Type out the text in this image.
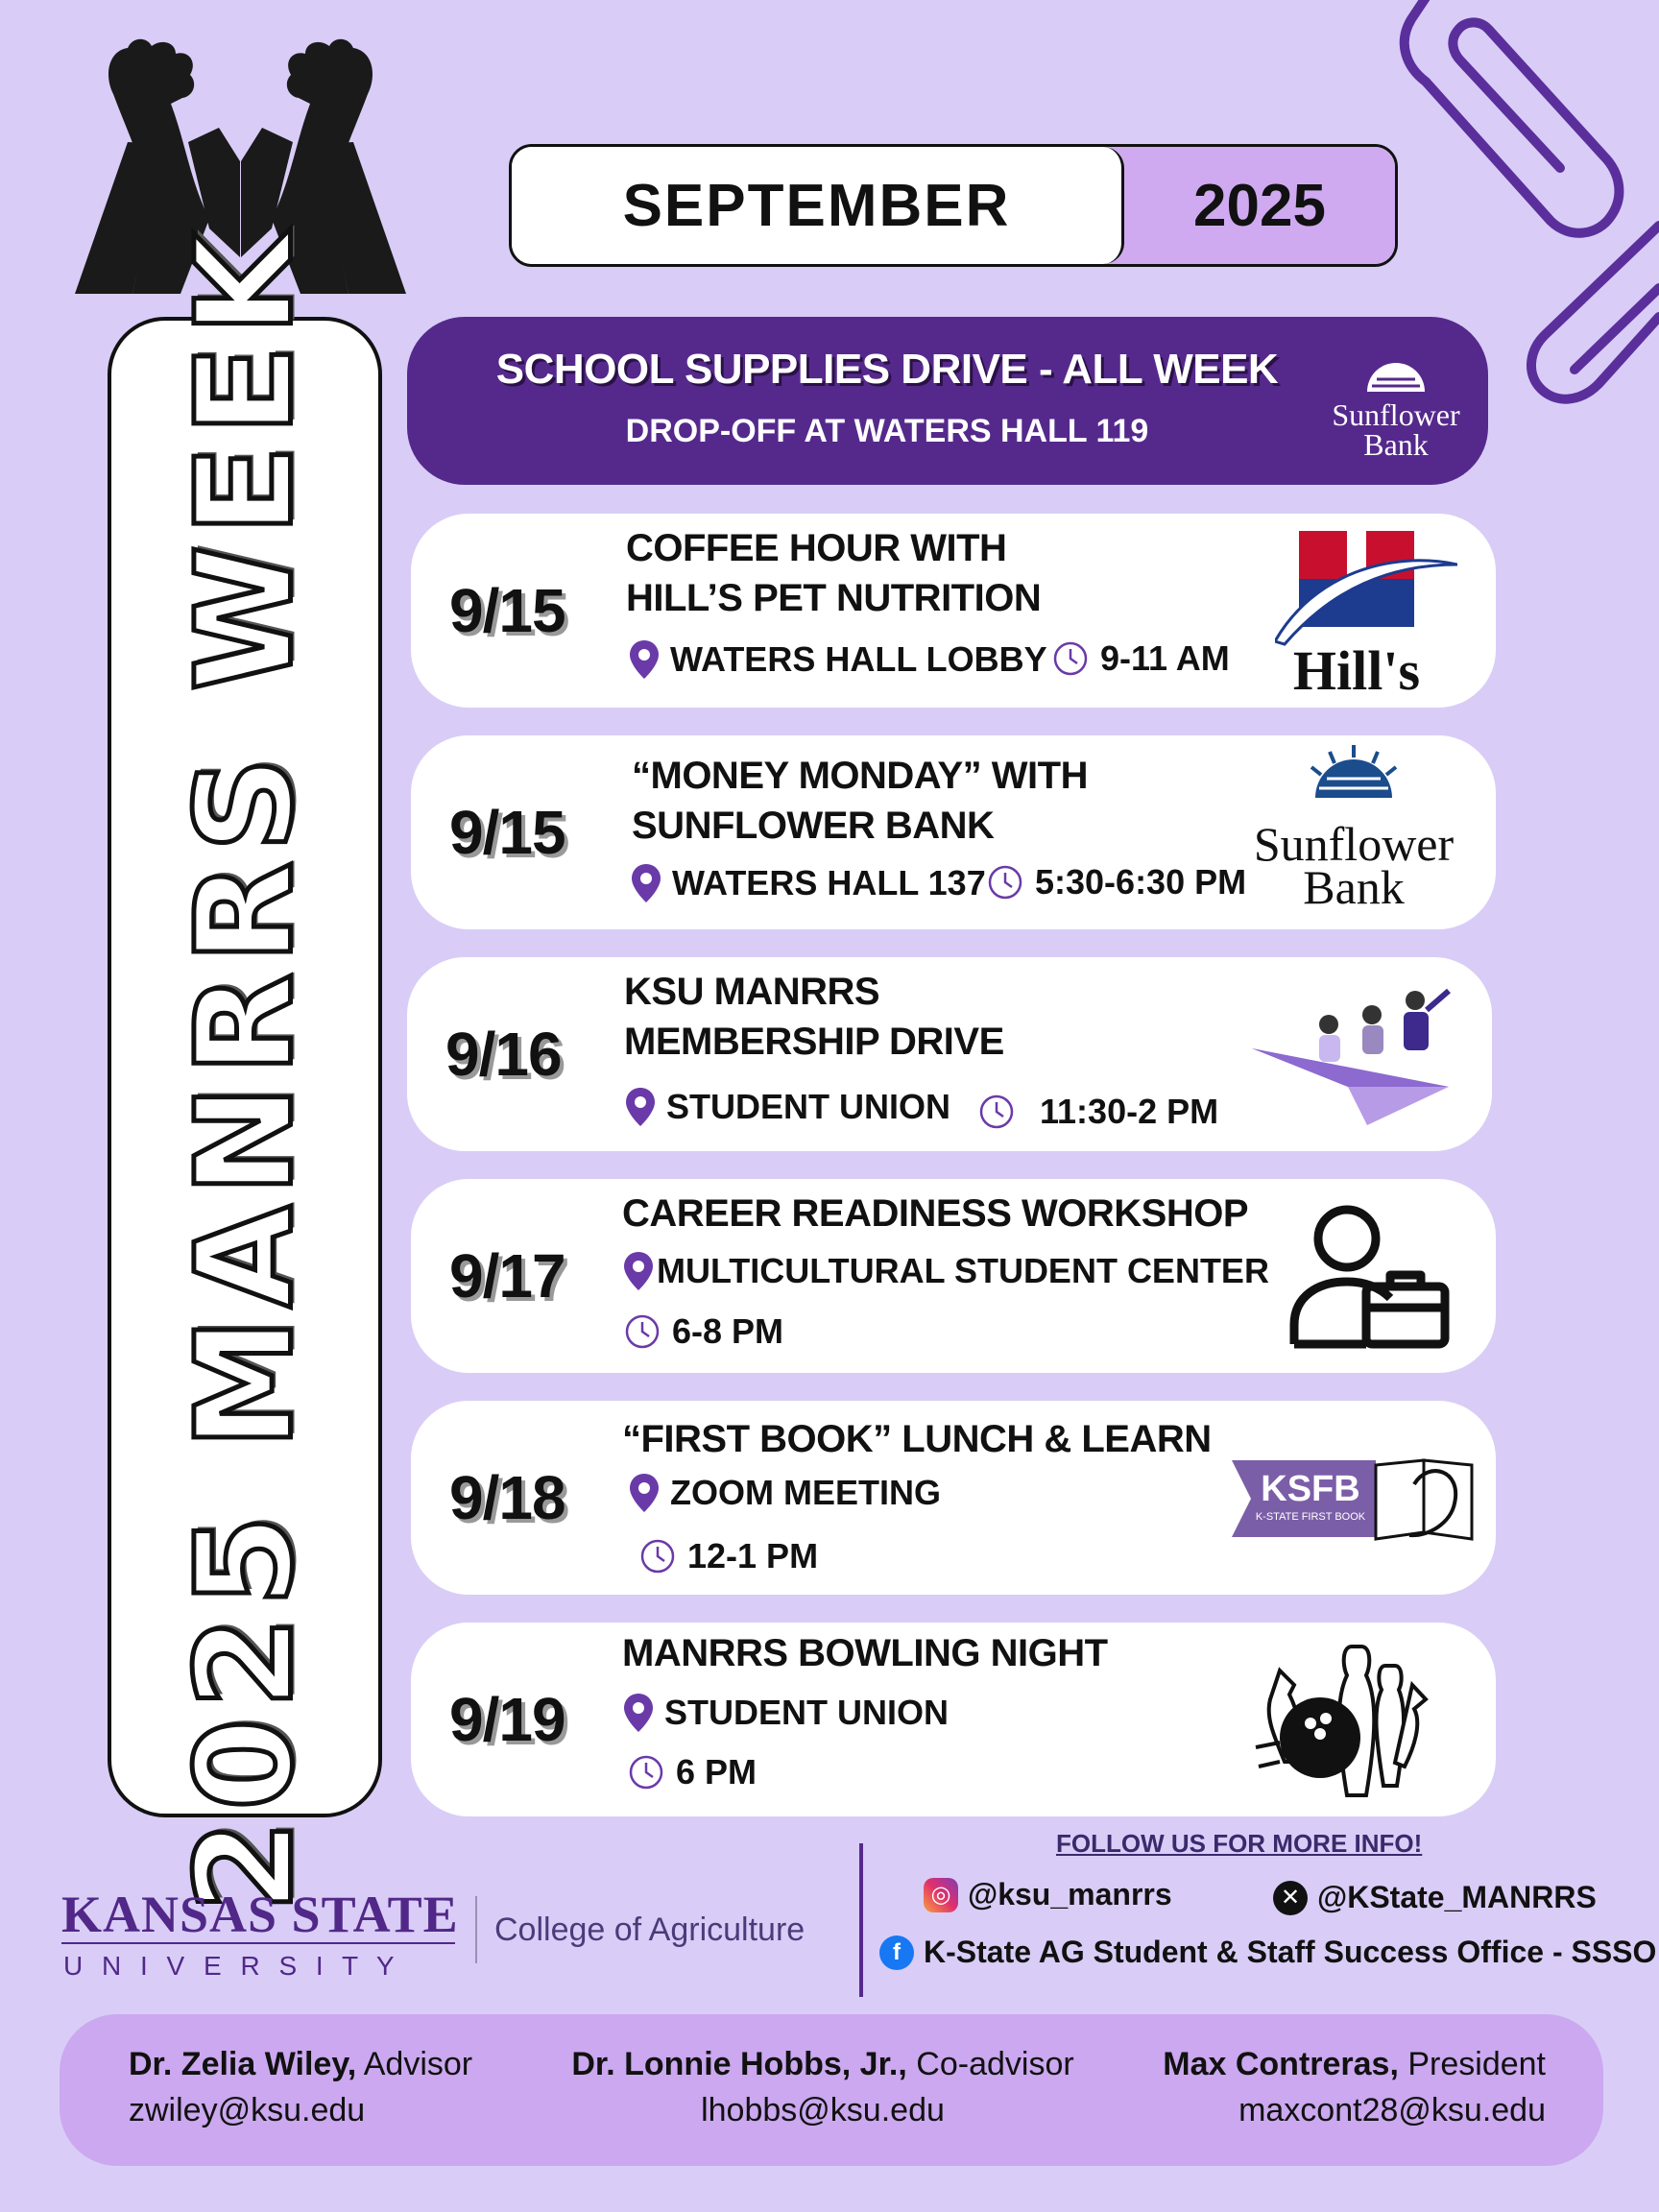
SEPTEMBER	2025
2025 MANRRS WEEK	SCHOOL SUPPLIES DRIVE - ALL WEEK
DROP-OFF AT WATERS HALL 119	Sunflower
Bank
9/15
COFFEE HOUR WITH
HILL’S PET NUTRITION
WATERS HALL LOBBY 9-11 AM Hill's
9/15
“MONEY MONDAY” WITH
SUNFLOWER BANK
WATERS HALL 137 5:30-6:30 PM
Sunflower
Bank
9/16
KSU MANRRS
MEMBERSHIP DRIVE
STUDENT UNION	11:30-2 PM
9/17
CAREER READINESS WORKSHOP
MULTICULTURAL STUDENT CENTER
6-8 PM
9/18
“FIRST BOOK” LUNCH & LEARN
ZOOM MEETING
12-1 PM
KSFB
K-STATE FIRST BOOK
9/19
MANRRS BOWLING NIGHT
STUDENT UNION
6 PM
KANSAS STATE
U N I V E R S I T Y
College of Agriculture
FOLLOW US FOR MORE INFO!
◎ @ksu_manrrs	✕ @KState_MANRRS
f K-State AG Student & Staff Success Office - SSSO
Dr. Zelia Wiley, Advisor
zwiley@ksu.edu
Dr. Lonnie Hobbs, Jr., Co-advisor
lhobbs@ksu.edu
Max Contreras, President
maxcont28@ksu.edu
